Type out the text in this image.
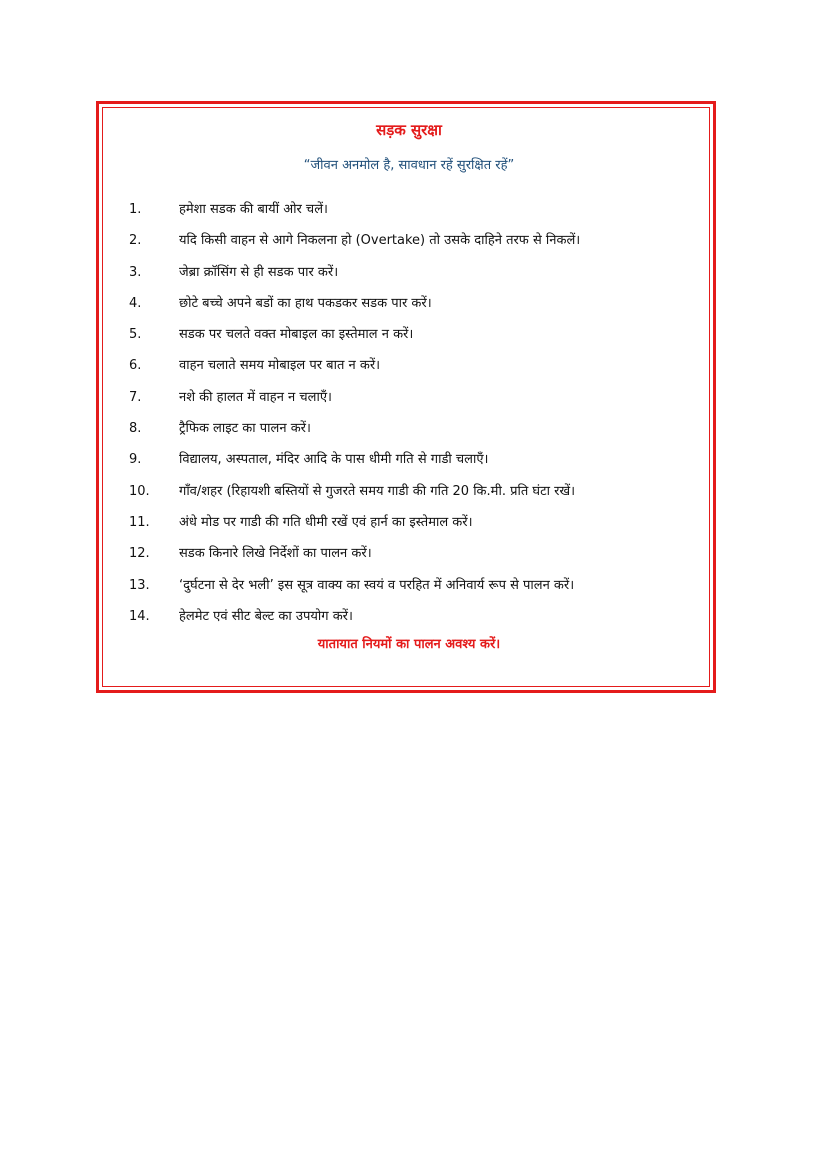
सड़क सुरक्षा
“जीवन अनमोल है, सावधान रहें सुरक्षित रहें”
1.	हमेशा सडक की बायीं ओर चलें।
2.	यदि किसी वाहन से आगे निकलना हो (Overtake) तो उसके दाहिने तरफ से निकलें।
3.	जेब्रा क्रॉसिंग से ही सडक पार करें।
4.	छोटे बच्चे अपने बडों का हाथ पकडकर सडक पार करें।
5.	सडक पर चलते वक्त मोबाइल का इस्तेमाल न करें।
6.	वाहन चलाते समय मोबाइल पर बात न करें।
7.	नशे की हालत में वाहन न चलाएँ।
8.	ट्रैफिक लाइट का पालन करें।
9.	विद्यालय, अस्पताल, मंदिर आदि के पास धीमी गति से गाडी चलाएँ।
10.	गाँव/शहर (रिहायशी बस्तियों से गुजरते समय गाडी की गति 20 कि.मी. प्रति घंटा रखें।
11.	अंधे मोड पर गाडी की गति धीमी रखें एवं हार्न का इस्तेमाल करें।
12.	सडक किनारे लिखे निर्देशों का पालन करें।
13.	‘दुर्घटना से देर भली’ इस सूत्र वाक्य का स्वयं व परहित में अनिवार्य रूप से पालन करें।
14.	हेलमेट एवं सीट बेल्ट का उपयोग करें।
यातायात नियमों का पालन अवश्य करें।
